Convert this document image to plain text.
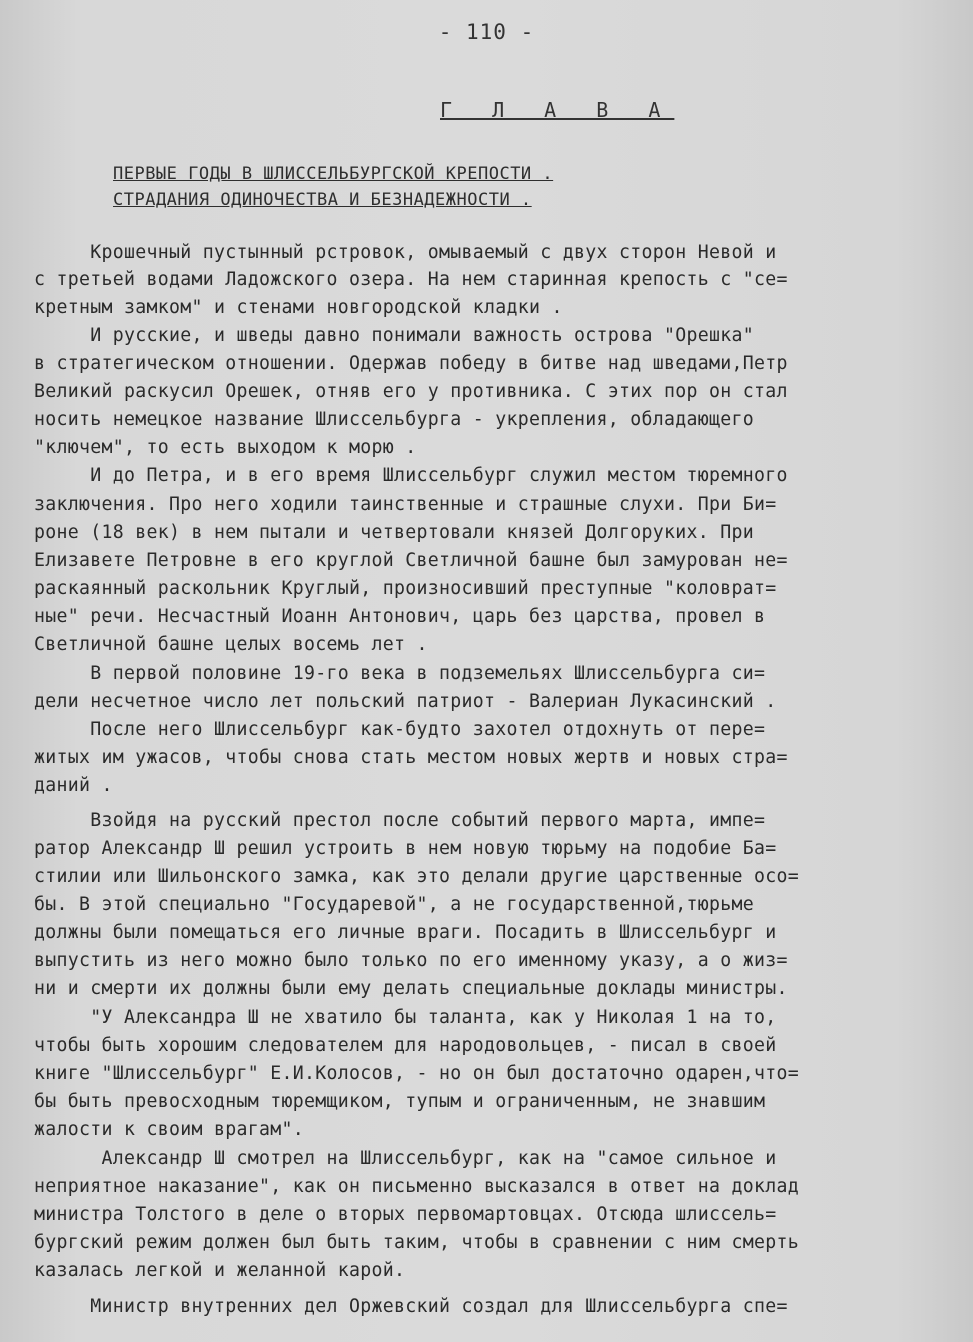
- 110 -
Г Л А В А
ПЕРВЫЕ ГОДЫ В ШЛИССЕЛЬБУРГСКОЙ КРЕПОСТИ .
СТРАДАНИЯ ОДИНОЧЕСТВА И БЕЗНАДЕЖНОСТИ .
Крошечный пустынный рстровок, омываемый с двух сторон Невой и
с третьей водами Ладожского озера. На нем старинная крепость с "се=
кретным замком" и стенами новгородской кладки .
И русские, и шведы давно понимали важность острова "Орешка"
в стратегическом отношении. Одержав победу в битве над шведами,Петр
Великий раскусил Орешек, отняв его у противника. С этих пор он стал
носить немецкое название Шлиссельбурга - укрепления, обладающего
"ключем", то есть выходом к морю .
И до Петра, и в его время Шлиссельбург служил местом тюремного
заключения. Про него ходили таинственные и страшные слухи. При Би=
роне (18 век) в нем пытали и четвертовали князей Долгоруких. При
Елизавете Петровне в его круглой Светличной башне был замурован не=
раскаянный раскольник Круглый, произносивший преступные "коловрат=
ные" речи. Несчастный Иоанн Антонович, царь без царства, провел в
Светличной башне целых восемь лет .
В первой половине 19-го века в подземельях Шлиссельбурга си=
дели несчетное число лет польский патриот - Валериан Лукасинский .
После него Шлиссельбург как-будто захотел отдохнуть от пере=
житых им ужасов, чтобы снова стать местом новых жертв и новых стра=
даний .
Взойдя на русский престол после событий первого марта, импе=
ратор Александр Ш решил устроить в нем новую тюрьму на подобие Ба=
стилии или Шильонского замка, как это делали другие царственные осо=
бы. В этой специально "Государевой", а не государственной,тюрьме
должны были помещаться его личные враги. Посадить в Шлиссельбург и
выпустить из него можно было только по его именному указу, а о жиз=
ни и смерти их должны были ему делать специальные доклады министры.
"У Александра Ш не хватило бы таланта, как у Николая 1 на то,
чтобы быть хорошим следователем для народовольцев, - писал в своей
книге "Шлиссельбург" Е.И.Колосов, - но он был достаточно одарен,что=
бы быть превосходным тюремщиком, тупым и ограниченным, не знавшим
жалости к своим врагам".
Александр Ш смотрел на Шлиссельбург, как на "самое сильное и
неприятное наказание", как он письменно высказался в ответ на доклад
министра Толстого в деле о вторых первомартовцах. Отсюда шлиссель=
бургский режим должен был быть таким, чтобы в сравнении с ним смерть
казалась легкой и желанной карой.
Министр внутренних дел Оржевский создал для Шлиссельбурга спе=
